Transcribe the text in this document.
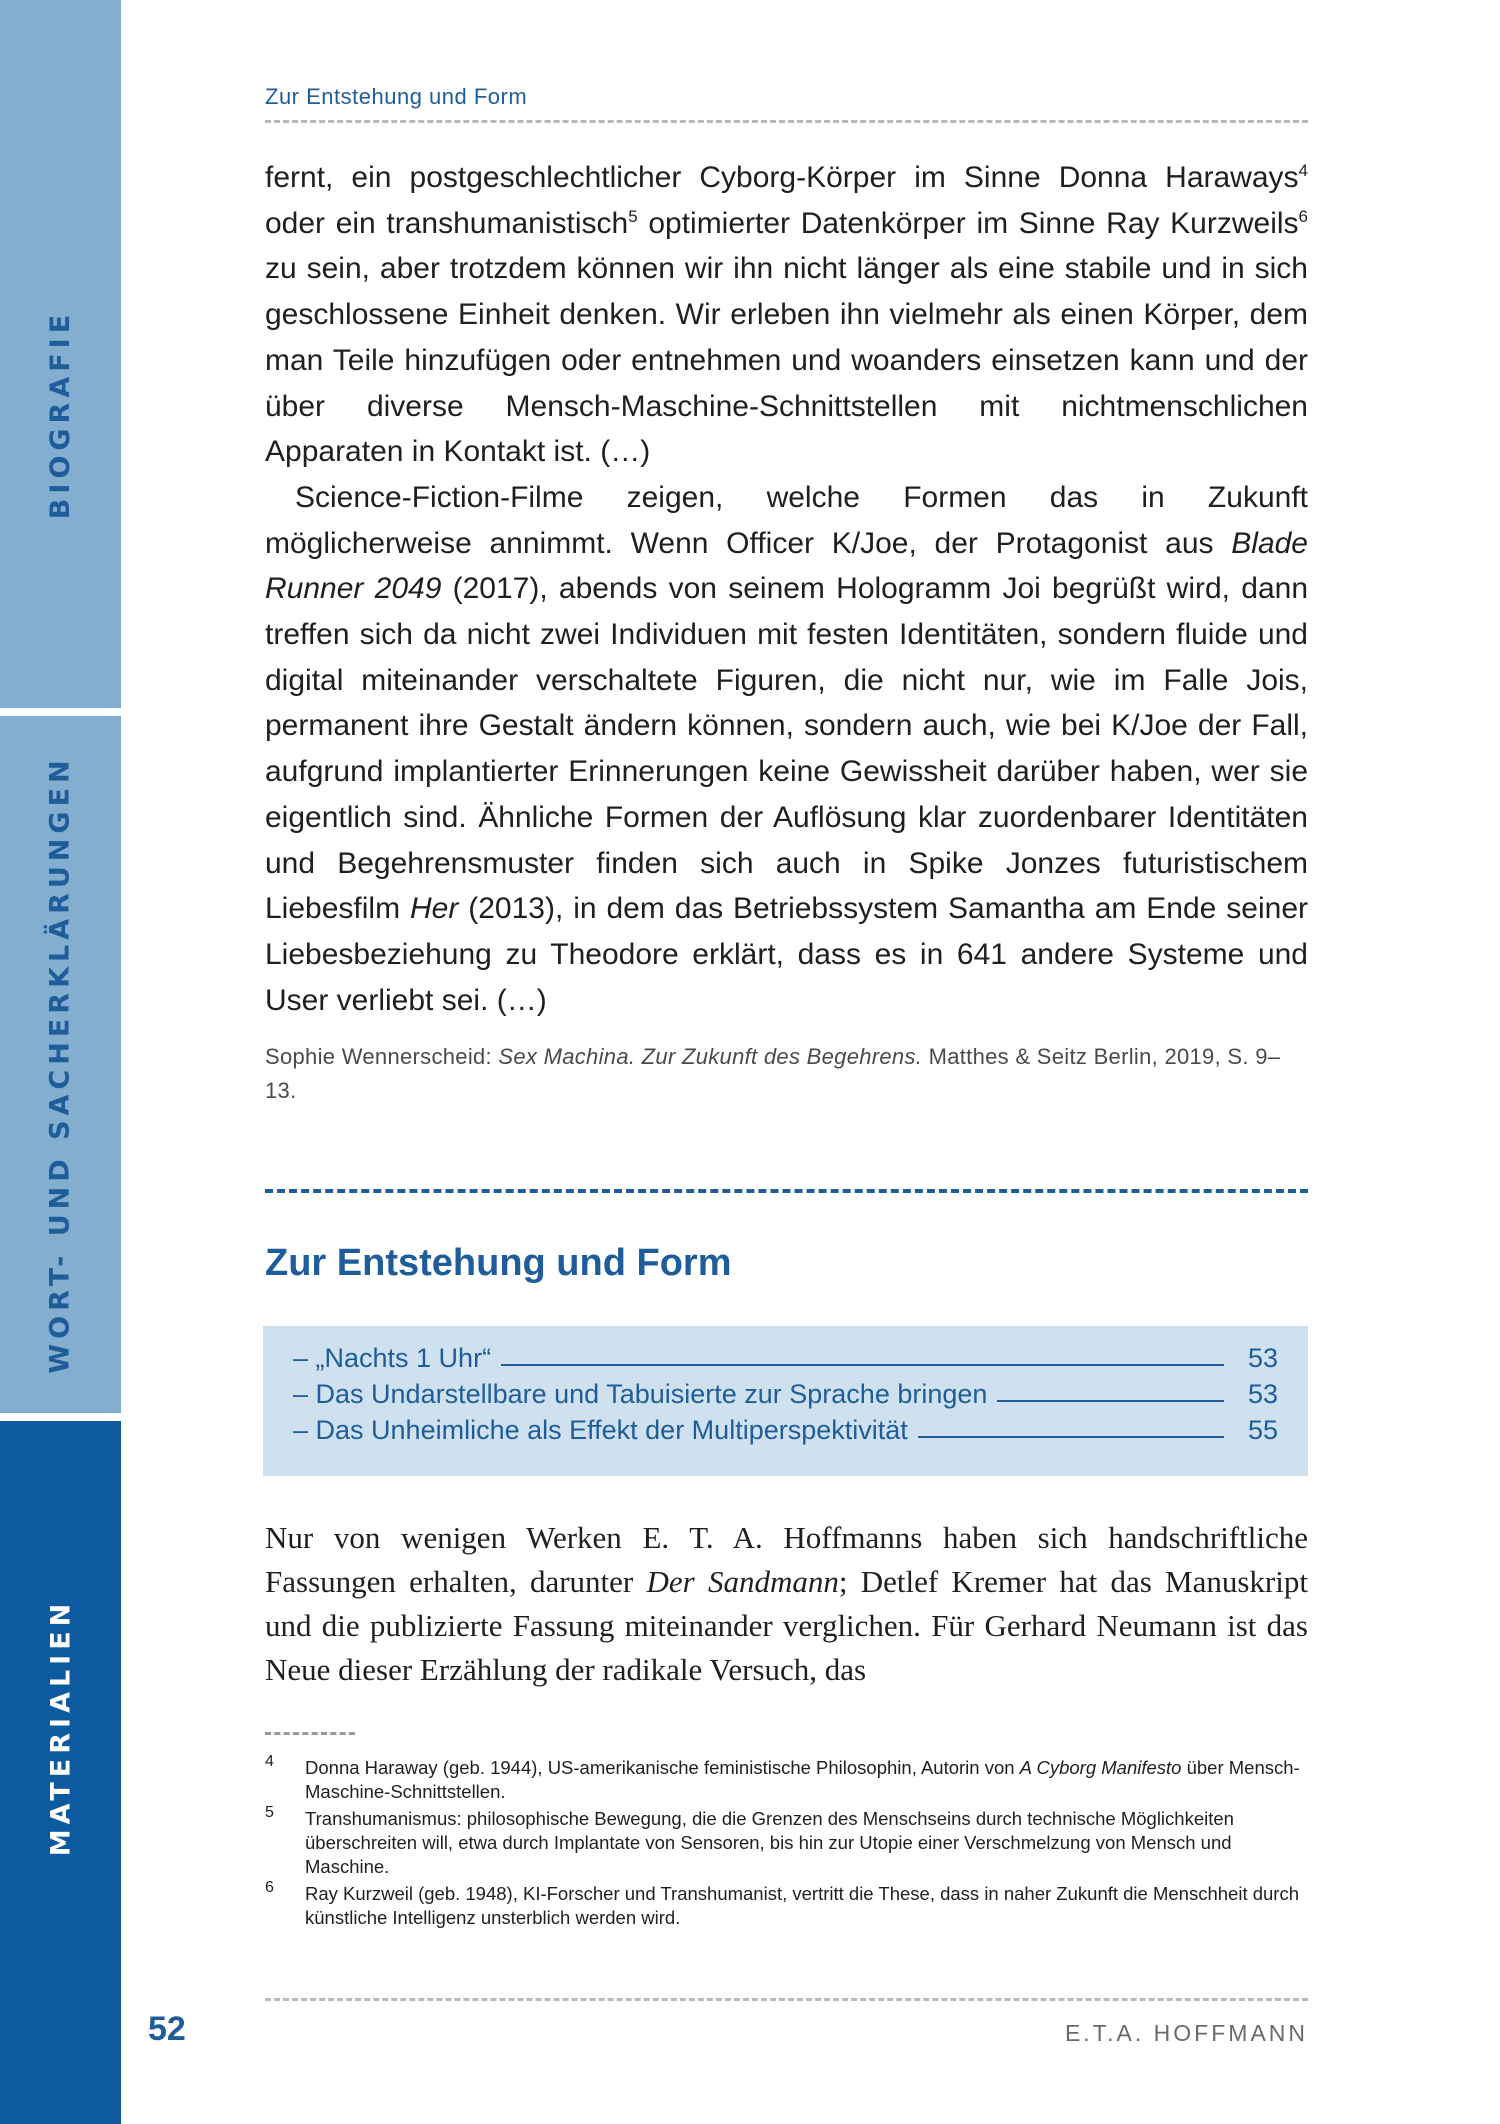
BIOGRAFIE
WORT- UND SACHERKLÄRUNGEN
MATERIALIEN
Zur Entstehung und Form

fernt, ein postgeschlechtlicher Cyborg-Körper im Sinne Donna Haraways$^4$ oder ein transhumanistisch$^5$ optimierter Datenkörper im Sinne Ray Kurzweils$^6$ zu sein, aber trotzdem können wir ihn nicht länger als eine stabile und in sich geschlossene Einheit denken. Wir erleben ihn vielmehr als einen Körper, dem man Teile hinzufügen oder entnehmen und woanders einsetzen kann und der über diverse Mensch-Maschine-Schnittstellen mit nichtmenschlichen Apparaten in Kontakt ist. (…)

Science-Fiction-Filme zeigen, welche Formen das in Zukunft möglicherweise annimmt. Wenn Officer K/Joe, der Protagonist aus Blade Runner 2049 (2017), abends von seinem Hologramm Joi begrüßt wird, dann treffen sich da nicht zwei Individuen mit festen Identitäten, sondern fluide und digital miteinander verschaltete Figuren, die nicht nur, wie im Falle Jois, permanent ihre Gestalt ändern können, sondern auch, wie bei K/Joe der Fall, aufgrund implantierter Erinnerungen keine Gewissheit darüber haben, wer sie eigentlich sind. Ähnliche Formen der Auflösung klar zuordenbarer Identitäten und Begehrensmuster finden sich auch in Spike Jonzes futuristischem Liebesfilm Her (2013), in dem das Betriebssystem Samantha am Ende seiner Liebesbeziehung zu Theodore erklärt, dass es in 641 andere Systeme und User verliebt sei. (…)

Sophie Wennerscheid: Sex Machina. Zur Zukunft des Begehrens. Matthes & Seitz Berlin, 2019, S. 9–13.
Zur Entstehung und Form
– „Nachts 1 Uhr“	53
– Das Undarstellbare und Tabuisierte zur Sprache bringen	53
– Das Unheimliche als Effekt der Multiperspektivität	55

Nur von wenigen Werken E. T. A. Hoffmanns haben sich handschriftliche Fassungen erhalten, darunter Der Sandmann; Detlef Kremer hat das Manuskript und die publizierte Fassung miteinander verglichen. Für Gerhard Neumann ist das Neue dieser Erzählung der radikale Versuch, das

4 Donna Haraway (geb. 1944), US-amerikanische feministische Philosophin, Autorin von A Cyborg Manifesto über Mensch-Maschine-Schnittstellen.
5 Transhumanismus: philosophische Bewegung, die die Grenzen des Menschseins durch technische Möglichkeiten überschreiten will, etwa durch Implantate von Sensoren, bis hin zur Utopie einer Verschmelzung von Mensch und Maschine.
6 Ray Kurzweil (geb. 1948), KI-Forscher und Transhumanist, vertritt die These, dass in naher Zukunft die Menschheit durch künstliche Intelligenz unsterblich werden wird.
52	E.T.A. HOFFMANN
